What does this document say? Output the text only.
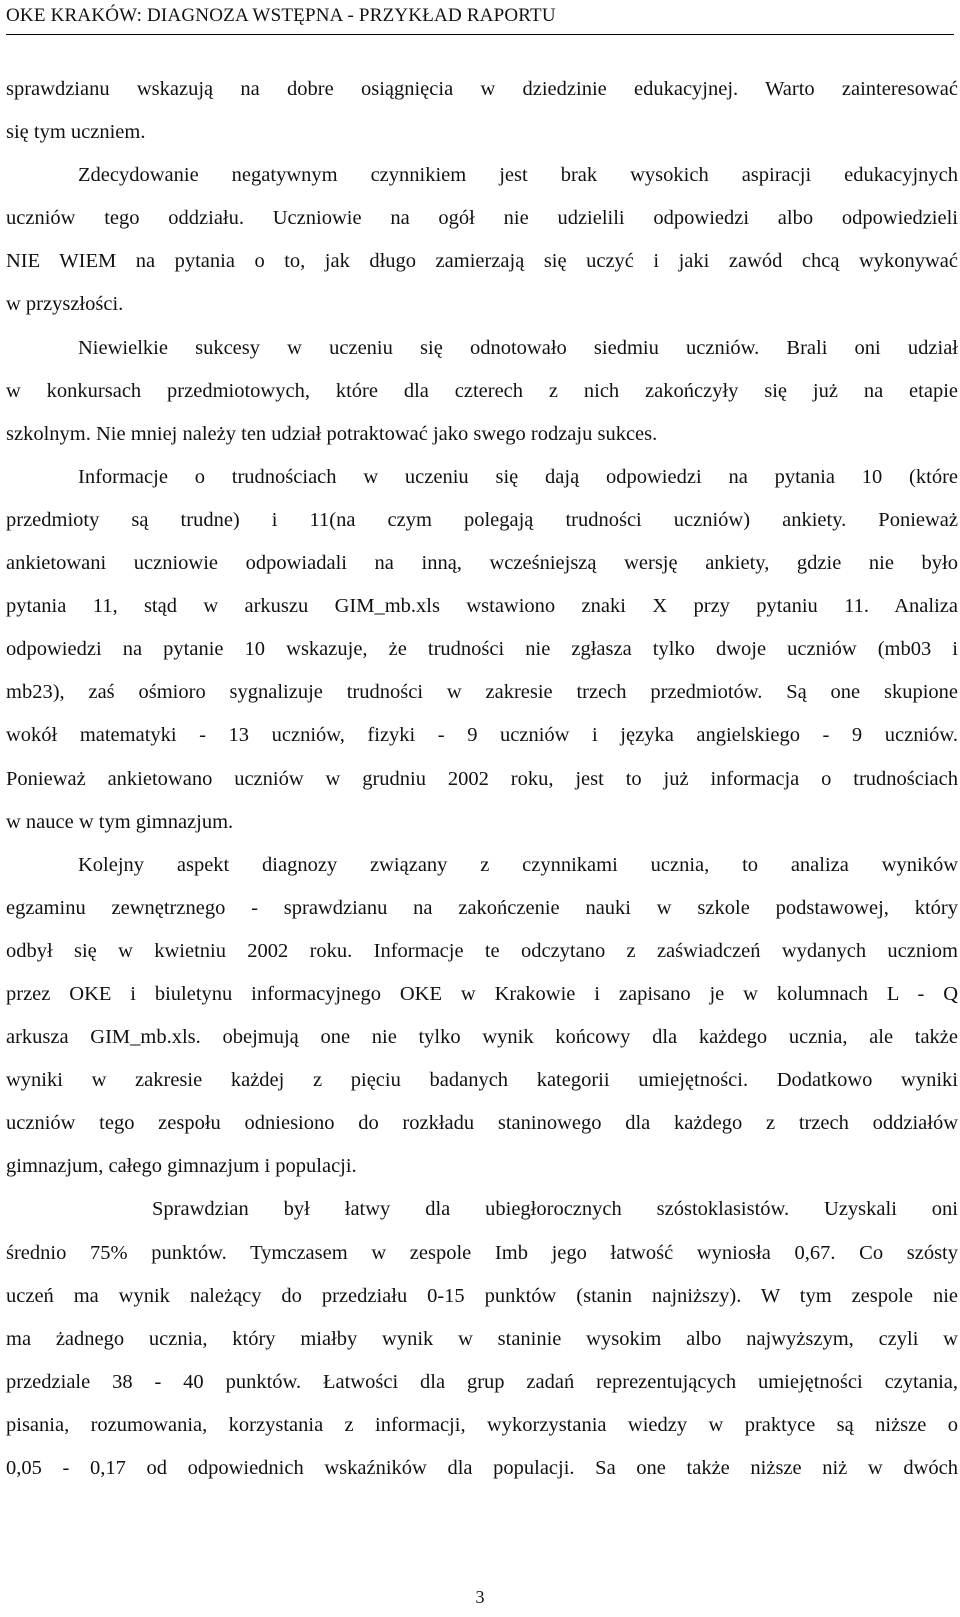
OKE KRAKÓW: DIAGNOZA WSTĘPNA - PRZYKŁAD RAPORTU
sprawdzianu wskazują na dobre osiągnięcia w dziedzinie edukacyjnej. Warto zainteresować
się tym uczniem.
Zdecydowanie negatywnym czynnikiem jest brak wysokich aspiracji edukacyjnych
uczniów tego oddziału. Uczniowie na ogół nie udzielili odpowiedzi albo odpowiedzieli
NIE WIEM na pytania o to, jak długo zamierzają się uczyć i jaki zawód chcą wykonywać
w przyszłości.
Niewielkie sukcesy w uczeniu się odnotowało siedmiu uczniów. Brali oni udział
w konkursach przedmiotowych, które dla czterech z nich zakończyły się już na etapie
szkolnym. Nie mniej należy ten udział potraktować jako swego rodzaju sukces.
Informacje o trudnościach w uczeniu się dają odpowiedzi na pytania 10 (które
przedmioty są trudne) i 11(na czym polegają trudności uczniów) ankiety. Ponieważ
ankietowani uczniowie odpowiadali na inną, wcześniejszą wersję ankiety, gdzie nie było
pytania 11, stąd w arkuszu GIM_mb.xls wstawiono znaki X przy pytaniu 11. Analiza
odpowiedzi na pytanie 10 wskazuje, że trudności nie zgłasza tylko dwoje uczniów (mb03 i
mb23), zaś ośmioro sygnalizuje trudności w zakresie trzech przedmiotów. Są one skupione
wokół matematyki - 13 uczniów, fizyki - 9 uczniów i języka angielskiego - 9 uczniów.
Ponieważ ankietowano uczniów w grudniu 2002 roku, jest to już informacja o trudnościach
w nauce w tym gimnazjum.
Kolejny aspekt diagnozy związany z czynnikami ucznia, to analiza wyników
egzaminu zewnętrznego - sprawdzianu na zakończenie nauki w szkole podstawowej, który
odbył się w kwietniu 2002 roku. Informacje te odczytano z zaświadczeń wydanych uczniom
przez OKE i biuletynu informacyjnego OKE w Krakowie i zapisano je w kolumnach L - Q
arkusza GIM_mb.xls. obejmują one nie tylko wynik końcowy dla każdego ucznia, ale także
wyniki w zakresie każdej z pięciu badanych kategorii umiejętności. Dodatkowo wyniki
uczniów tego zespołu odniesiono do rozkładu staninowego dla każdego z trzech oddziałów
gimnazjum, całego gimnazjum i populacji.
Sprawdzian był łatwy dla ubiegłorocznych szóstoklasistów. Uzyskali oni
średnio 75% punktów. Tymczasem w zespole Imb jego łatwość wyniosła 0,67. Co szósty
uczeń ma wynik należący do przedziału 0-15 punktów (stanin najniższy). W tym zespole nie
ma żadnego ucznia, który miałby wynik w staninie wysokim albo najwyższym, czyli w
przedziale 38 - 40 punktów. Łatwości dla grup zadań reprezentujących umiejętności czytania,
pisania, rozumowania, korzystania z informacji, wykorzystania wiedzy w praktyce są niższe o
0,05 - 0,17 od odpowiednich wskaźników dla populacji. Sa one także niższe niż w dwóch
3
